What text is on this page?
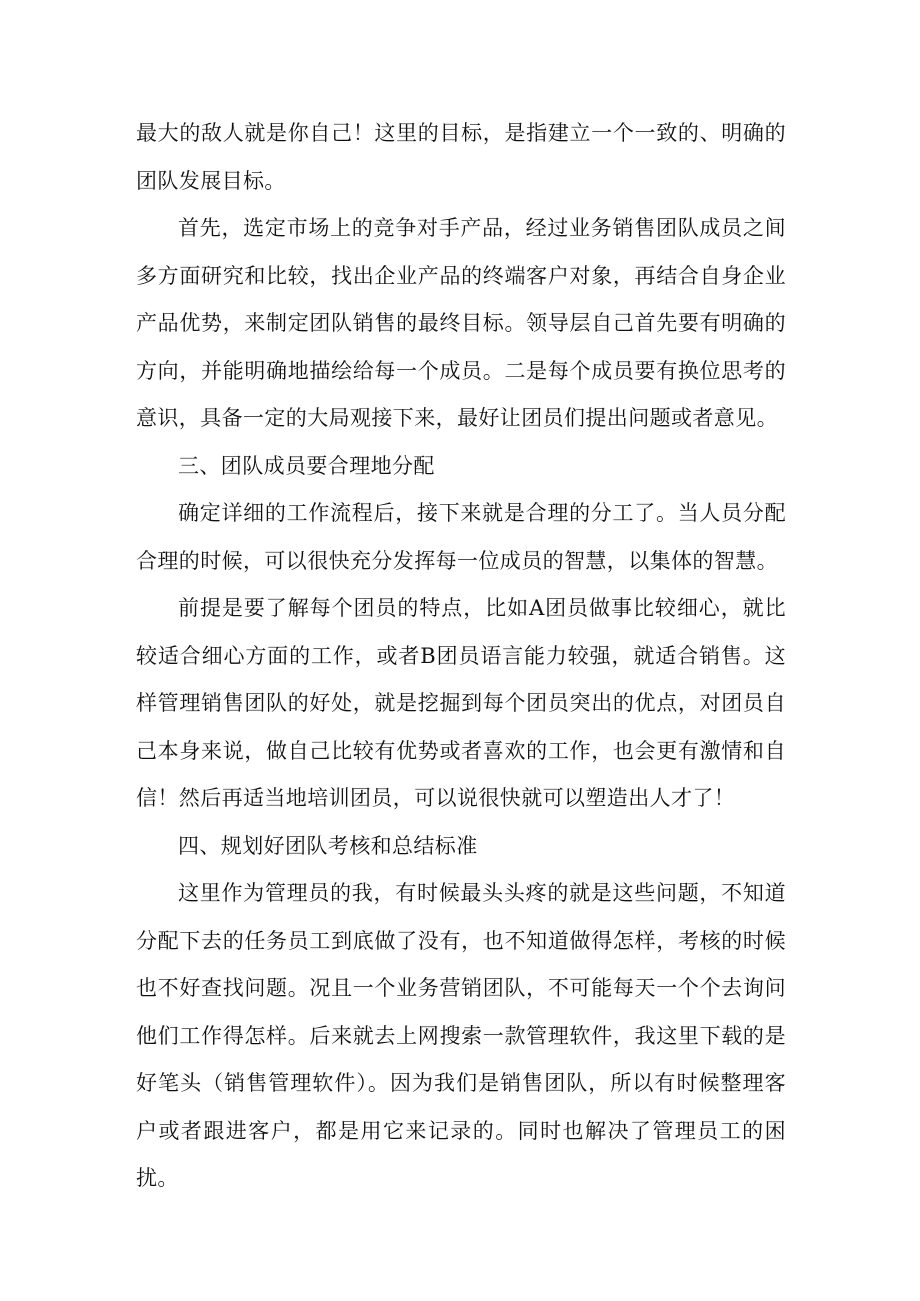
最大的敌人就是你自己！这里的目标，是指建立一个一致的、明确的团队发展目标。

首先，选定市场上的竞争对手产品，经过业务销售团队成员之间多方面研究和比较，找出企业产品的终端客户对象，再结合自身企业产品优势，来制定团队销售的最终目标。领导层自己首先要有明确的方向，并能明确地描绘给每一个成员。二是每个成员要有换位思考的意识，具备一定的大局观接下来，最好让团员们提出问题或者意见。

三、团队成员要合理地分配

确定详细的工作流程后，接下来就是合理的分工了。当人员分配合理的时候，可以很快充分发挥每一位成员的智慧，以集体的智慧。

前提是要了解每个团员的特点，比如A团员做事比较细心，就比较适合细心方面的工作，或者B团员语言能力较强，就适合销售。这样管理销售团队的好处，就是挖掘到每个团员突出的优点，对团员自己本身来说，做自己比较有优势或者喜欢的工作，也会更有激情和自信！然后再适当地培训团员，可以说很快就可以塑造出人才了！

四、规划好团队考核和总结标准

这里作为管理员的我，有时候最头头疼的就是这些问题，不知道分配下去的任务员工到底做了没有，也不知道做得怎样，考核的时候也不好查找问题。况且一个业务营销团队，不可能每天一个个去询问他们工作得怎样。后来就去上网搜索一款管理软件，我这里下载的是好笔头（销售管理软件）。因为我们是销售团队，所以有时候整理客户或者跟进客户，都是用它来记录的。同时也解决了管理员工的困扰。
